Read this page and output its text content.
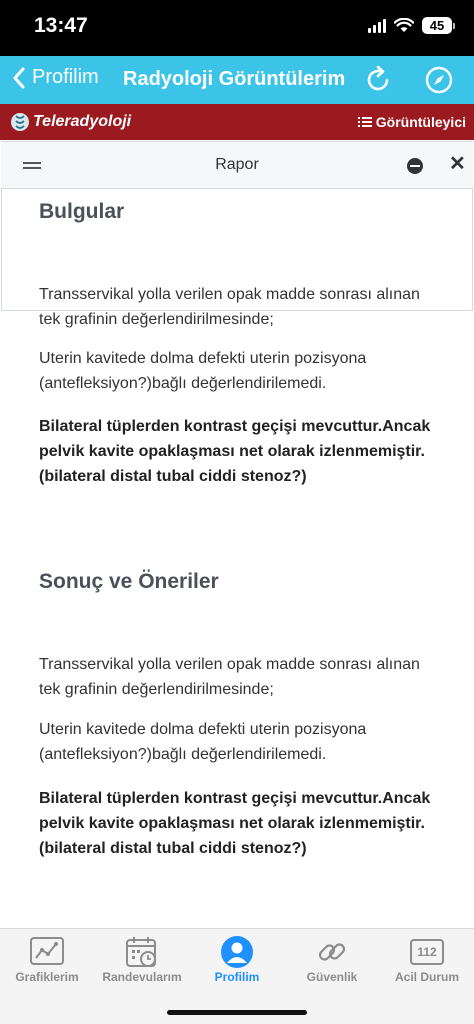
13:47	45
Profilim Radyoloji Görüntülerim
Teleradyoloji	Görüntüleyici
Rapor	✕
Bulgular
Transservikal yolla verilen opak madde sonrası alınan tek grafinin değerlendirilmesinde;
Uterin kavitede dolma defekti uterin pozisyona (antefleksiyon?)bağlı değerlendirilemedi.
Bilateral tüplerden kontrast geçişi mevcuttur.Ancak pelvik kavite opaklaşması net olarak izlenmemiştir.(bilateral distal tubal ciddi stenoz?)
Sonuç ve Öneriler
Transservikal yolla verilen opak madde sonrası alınan tek grafinin değerlendirilmesinde;
Uterin kavitede dolma defekti uterin pozisyona (antefleksiyon?)bağlı değerlendirilemedi.
Bilateral tüplerden kontrast geçişi mevcuttur.Ancak pelvik kavite opaklaşması net olarak izlenmemiştir.(bilateral distal tubal ciddi stenoz?)
Grafiklerim	Randevularım	Profilim	Güvenlik
112
Acil Durum
